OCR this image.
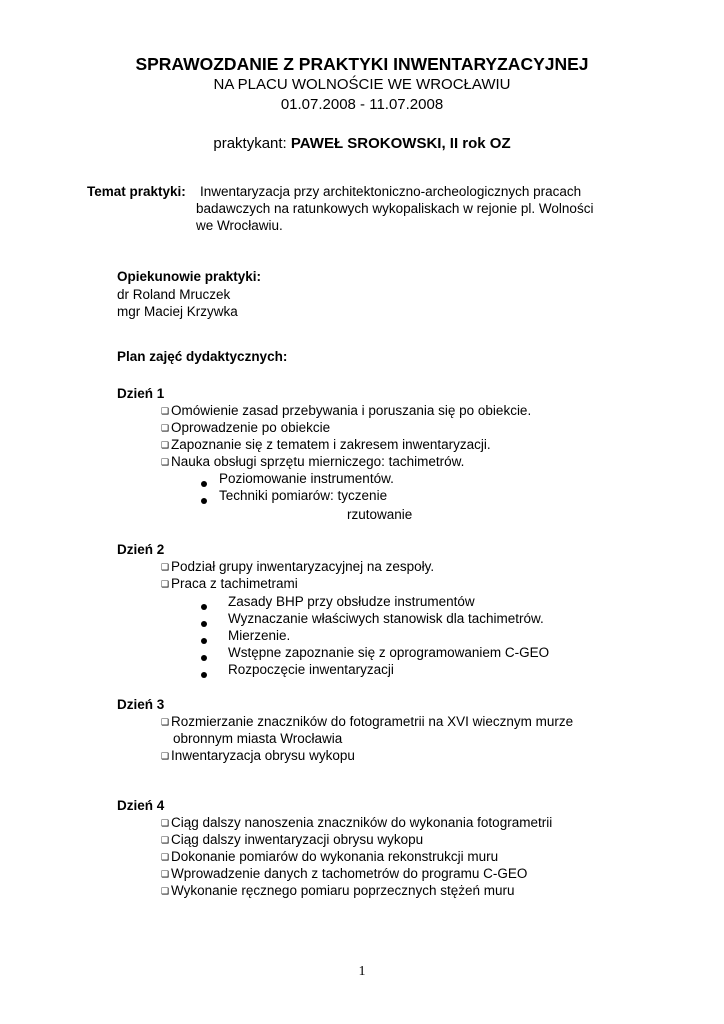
SPRAWOZDANIE Z PRAKTYKI INWENTARYZACYJNEJ
NA PLACU WOLNOŚCIE WE WROCŁAWIU
01.07.2008 - 11.07.2008
praktykant: PAWEŁ SROKOWSKI, II rok OZ
Temat praktyki: Inwentaryzacja przy architektoniczno-archeologicznych pracach
badawczych na ratunkowych wykopaliskach w rejonie pl. Wolności
we Wrocławiu.
Opiekunowie praktyki:
dr Roland Mruczek
mgr Maciej Krzywka
Plan zajęć dydaktycznych:
Dzień 1
❑ Omówienie zasad przebywania i poruszania się po obiekcie.
❑ Oprowadzenie po obiekcie
❑ Zapoznanie się z tematem i zakresem inwentaryzacji.
❑ Nauka obsługi sprzętu mierniczego: tachimetrów.
Poziomowanie instrumentów.
Techniki pomiarów: tyczenie
rzutowanie
Dzień 2
❑ Podział grupy inwentaryzacyjnej na zespoły.
❑ Praca z tachimetrami
Zasady BHP przy obsłudze instrumentów
Wyznaczanie właściwych stanowisk dla tachimetrów.
Mierzenie.
Wstępne zapoznanie się z oprogramowaniem C-GEO
Rozpoczęcie inwentaryzacji
Dzień 3
❑ Rozmierzanie znaczników do fotogrametrii na XVI wiecznym murze
obronnym miasta Wrocławia
❑ Inwentaryzacja obrysu wykopu
Dzień 4
❑ Ciąg dalszy nanoszenia znaczników do wykonania fotogrametrii
❑ Ciąg dalszy inwentaryzacji obrysu wykopu
❑ Dokonanie pomiarów do wykonania rekonstrukcji muru
❑ Wprowadzenie danych z tachometrów do programu C-GEO
❑ Wykonanie ręcznego pomiaru poprzecznych stężeń muru
1
